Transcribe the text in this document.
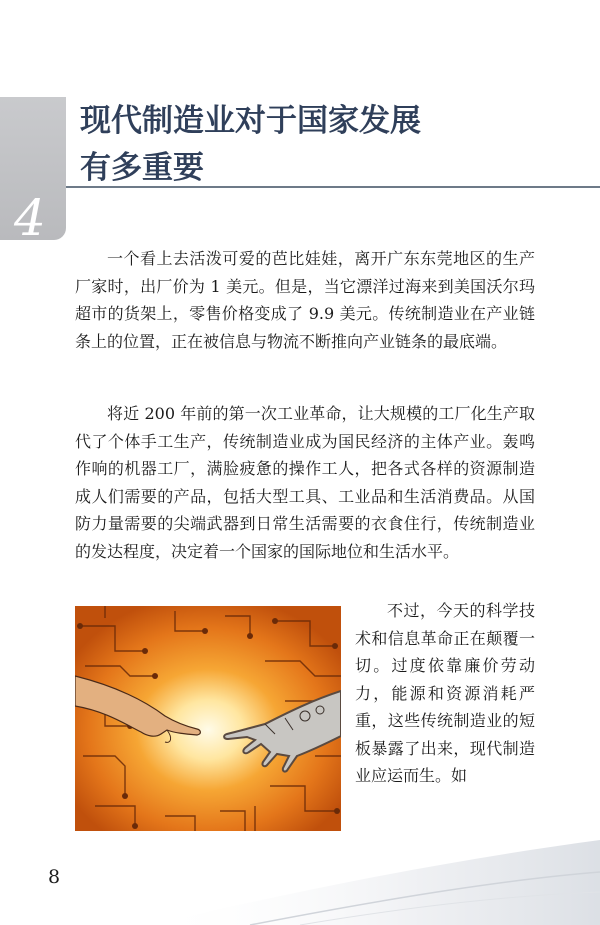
4
现代制造业对于国家发展
有多重要

一个看上去活泼可爱的芭比娃娃，离开广东东莞地区的生产厂家时，出厂价为 1 美元。但是，当它漂洋过海来到美国沃尔玛超市的货架上，零售价格变成了 9.9 美元。传统制造业在产业链条上的位置，正在被信息与物流不断推向产业链条的最底端。

将近 200 年前的第一次工业革命，让大规模的工厂化生产取代了个体手工生产，传统制造业成为国民经济的主体产业。轰鸣作响的机器工厂，满脸疲惫的操作工人，把各式各样的资源制造成人们需要的产品，包括大型工具、工业品和生活消费品。从国防力量需要的尖端武器到日常生活需要的衣食住行，传统制造业的发达程度，决定着一个国家的国际地位和生活水平。

不过，今天的科学技术和信息革命正在颠覆一切。过度依靠廉价劳动力，能源和资源消耗严重，这些传统制造业的短板暴露了出来，现代制造业应运而生。如

8
